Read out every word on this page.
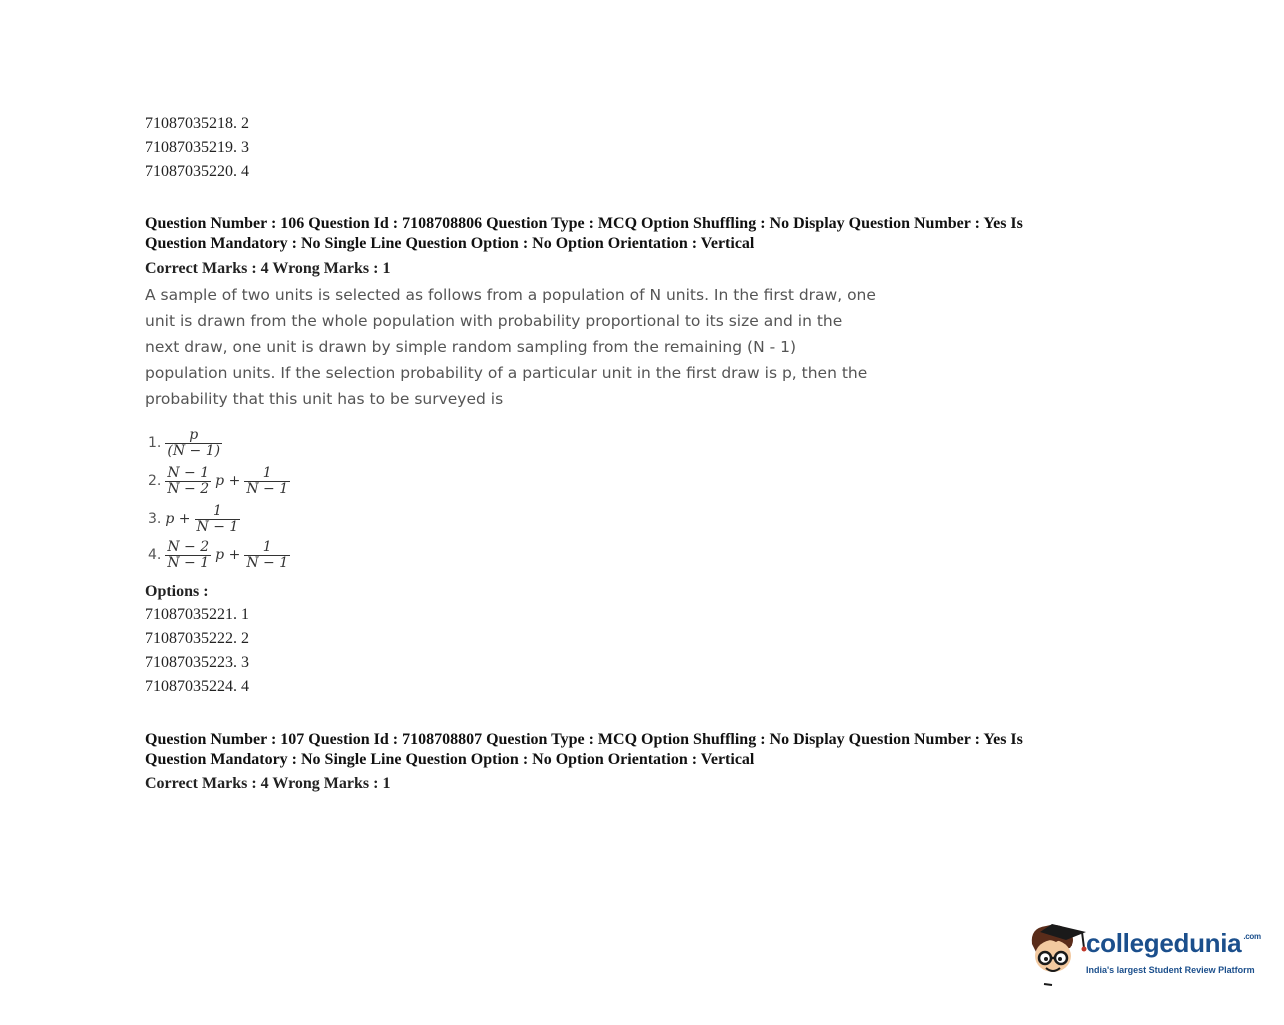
71087035218. 2
71087035219. 3
71087035220. 4
Question Number : 106 Question Id : 7108708806 Question Type : MCQ Option Shuffling : No Display Question Number : Yes Is
Question Mandatory : No Single Line Question Option : No Option Orientation : Vertical
Correct Marks : 4 Wrong Marks : 1
A sample of two units is selected as follows from a population of N units. In the first draw, one
unit is drawn from the whole population with probability proportional to its size and in the
next draw, one unit is drawn by simple random sampling from the remaining (N - 1)
population units. If the selection probability of a particular unit in the first draw is p, then the
probability that this unit has to be surveyed is
1. $\frac{p}{(N - 1)}$
2. $\frac{N - 1}{N - 2}$ $p + \frac{1}{N - 1}$
3. $p + \frac{1}{N - 1}$
4. $\frac{N - 2}{N - 1}$ $p + \frac{1}{N - 1}$
Options :
71087035221. 1
71087035222. 2
71087035223. 3
71087035224. 4
Question Number : 107 Question Id : 7108708807 Question Type : MCQ Option Shuffling : No Display Question Number : Yes Is
Question Mandatory : No Single Line Question Option : No Option Orientation : Vertical
Correct Marks : 4 Wrong Marks : 1
collegedunia $^{.com}$
India's largest Student Review Platform
